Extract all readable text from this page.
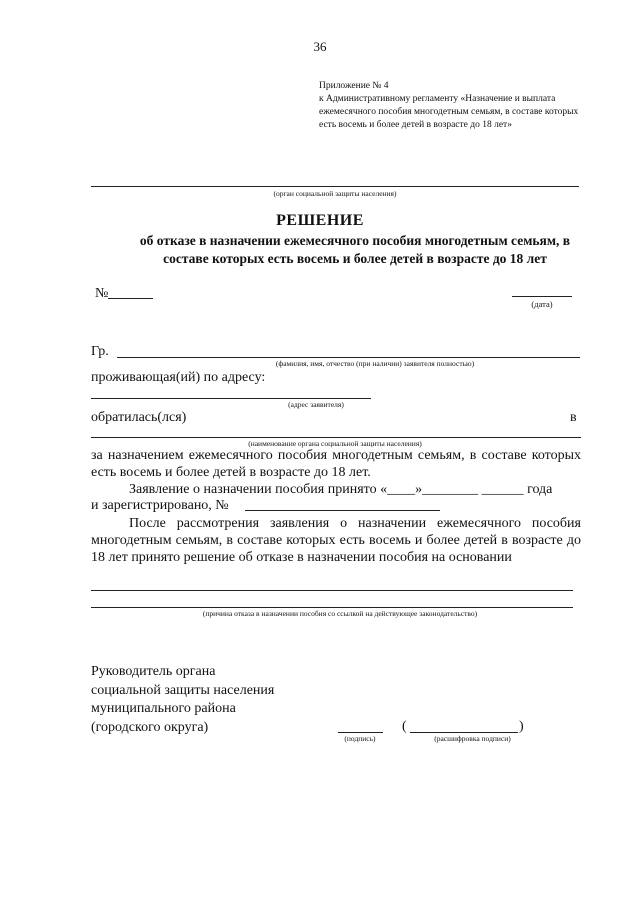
36
Приложение № 4
к Административному регламенту «Назначение и выплата ежемесячного пособия многодетным семьям, в составе которых есть восемь и более детей в возрасте до 18 лет»
(орган социальной защиты населения)
РЕШЕНИЕ
об отказе в назначении ежемесячного пособия многодетным семьям, в составе которых есть восемь и более детей в возрасте до 18 лет
№
(дата)
Гр.
(фамилия, имя, отчество (при наличии) заявителя полностью)
проживающая(ий) по адресу:
(адрес заявителя)
обратилась(лся)	в
(наименование органа социальной защиты населения)
за назначением ежемесячного пособия многодетным семьям, в составе которых есть восемь и более детей в возрасте до 18 лет.
Заявление о назначении пособия принято «____»________ ______ года
и зарегистрировано, №
После рассмотрения заявления о назначении ежемесячного пособия многодетным семьям, в составе которых есть восемь и более детей в возрасте до 18 лет принято решение об отказе в назначении пособия на основании
(причина отказа в назначении пособия со ссылкой на действующее законодательство)
Руководитель органа
социальной защиты населения
муниципального района
(городского округа)
(подпись)
(	)
(расшифровка подписи)
